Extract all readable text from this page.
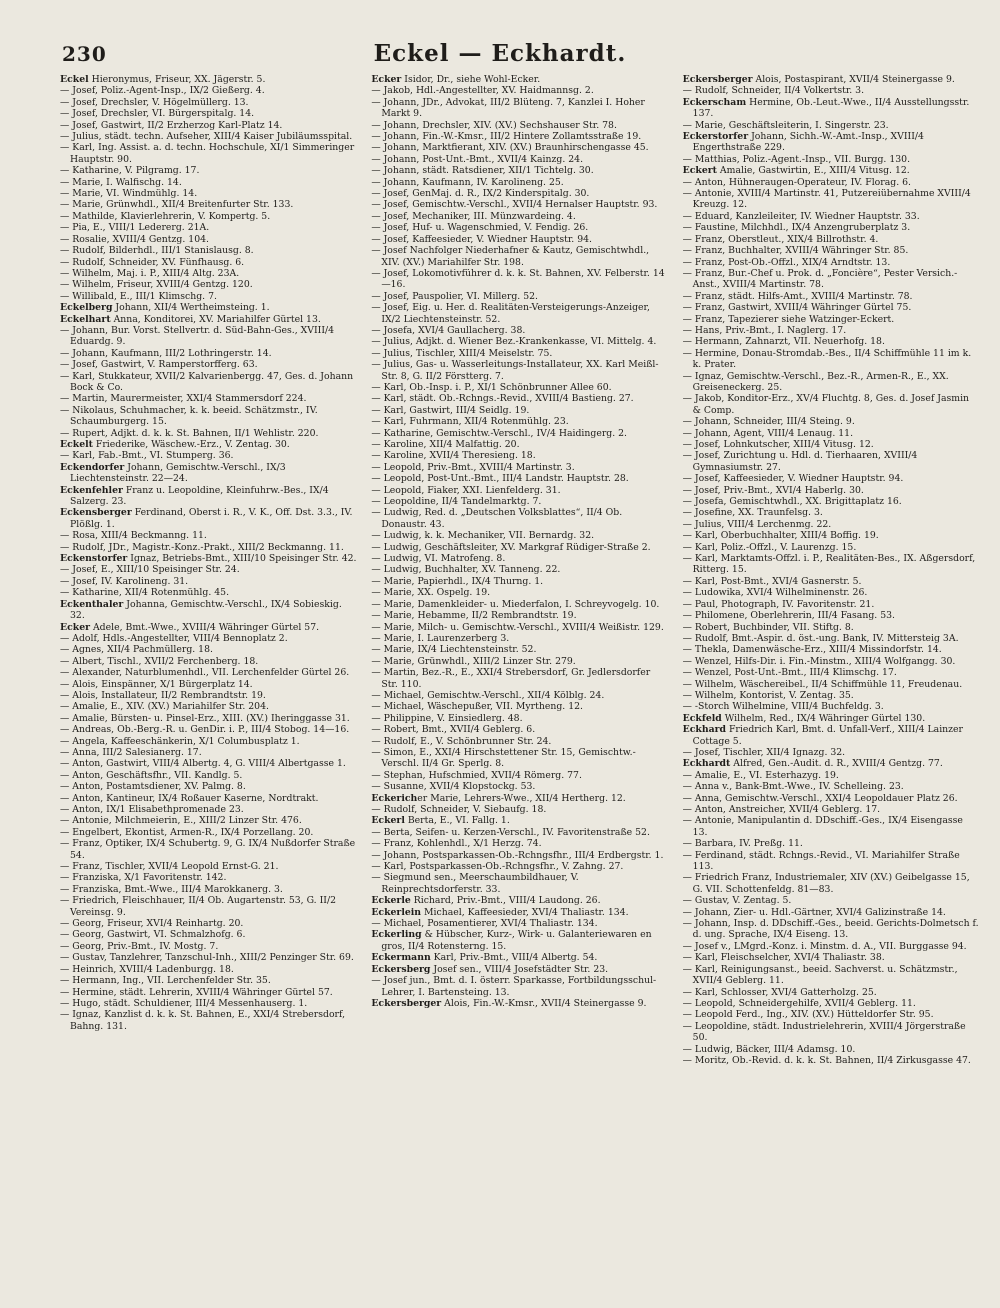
230	Eckel — Eckhardt.

Eckel Hieronymus, Friseur, XX. Jägerstr. 5.

— Josef, Poliz.-Agent-Insp., IX/2 Gießerg. 4.

— Josef, Drechsler, V. Högelmüllerg. 13.

— Josef, Drechsler, VI. Bürgerspitalg. 14.

— Josef, Gastwirt, II/2 Erzherzog Karl-Platz 14.

— Julius, städt. techn. Aufseher, XIII/4 Kaiser Jubiläumsspital.

— Karl, Ing. Assist. a. d. techn. Hochschule, XI/1 Simmeringer Hauptstr. 90.

— Katharine, V. Pilgramg. 17.

— Marie, I. Walfischg. 14.

— Marie, VI. Windmühlg. 14.

— Marie, Grünwhdl., XII/4 Breitenfurter Str. 133.

— Mathilde, Klavierlehrerin, V. Kompertg. 5.

— Pia, E., VIII/1 Ledererg. 21A.

— Rosalie, XVIII/4 Gentzg. 104.

— Rudolf, Bilderhdl., III/1 Stanislausg. 8.

— Rudolf, Schneider, XV. Fünfhausg. 6.

— Wilhelm, Maj. i. P., XIII/4 Altg. 23A.

— Wilhelm, Friseur, XVIII/4 Gentzg. 120.

— Willibald, E., III/1 Klimschg. 7.

Eckelberg Johann, XII/4 Wertheimsteing. 1.

Eckelhart Anna, Konditorei, XV. Mariahilfer Gürtel 13.

— Johann, Bur. Vorst. Stellvertr. d. Süd-Bahn-Ges., XVIII/4 Eduardg. 9.

— Johann, Kaufmann, III/2 Lothringerstr. 14.

— Josef, Gastwirt, V. Ramperstorfferg. 63.

— Karl, Stukkateur, XVII/2 Kalvarienbergg. 47, Ges. d. Johann Bock & Co.

— Martin, Maurermeister, XXI/4 Stammersdorf 224.

— Nikolaus, Schuhmacher, k. k. beeid. Schätzmstr., IV. Schaumburgerg. 15.

— Rupert, Adjkt. d. k. k. St. Bahnen, II/1 Wehlistr. 220.

Eckelt Friederike, Wäschew.-Erz., V. Zentag. 30.

— Karl, Fab.-Bmt., VI. Stumperg. 36.

Eckendorfer Johann, Gemischtw.-Verschl., IX/3 Liechtensteinstr. 22—24.

Eckenfehler Franz u. Leopoldine, Kleinfuhrw.-Bes., IX/4 Salzerg. 23.

Eckensberger Ferdinand, Oberst i. R., V. K., Off. Dst. 3.3., IV. Plößlg. 1.

— Rosa, XIII/4 Beckmanng. 11.

— Rudolf, JDr., Magistr.-Konz.-Prakt., XIII/2 Beckmanng. 11.

Eckenstorfer Ignaz, Betriebs-Bmt., XIII/10 Speisinger Str. 42.

— Josef, E., XIII/10 Speisinger Str. 24.

— Josef, IV. Karolineng. 31.

— Katharine, XII/4 Rotenmühlg. 45.

Eckenthaler Johanna, Gemischtw.-Verschl., IX/4 Sobieskig. 32.

Ecker Adele, Bmt.-Wwe., XVIII/4 Währinger Gürtel 57.

— Adolf, Hdls.-Angestellter, VIII/4 Bennoplatz 2.

— Agnes, XII/4 Pachmüllerg. 18.

— Albert, Tischl., XVII/2 Ferchenberg. 18.

— Alexander, Naturblumenhdl., VII. Lerchenfelder Gürtel 26.

— Alois, Einspänner, X/1 Bürgerplatz 14.

— Alois, Installateur, II/2 Rembrandtstr. 19.

— Amalie, E., XIV. (XV.) Mariahilfer Str. 204.

— Amalie, Bürsten- u. Pinsel-Erz., XIII. (XV.) Iheringgasse 31.

— Andreas, Ob.-Berg.-R. u. GenDir. i. P., III/4 Stobog. 14—16.

— Angela, Kaffeeschänkerin, X/1 Columbusplatz 1.

— Anna, III/2 Salesianerg. 17.

— Anton, Gastwirt, VIII/4 Albertg. 4, G. VIII/4 Albertgasse 1.

— Anton, Geschäftsfhr., VII. Kandlg. 5.

— Anton, Postamtsdiener, XV. Palmg. 8.

— Anton, Kantineur, IX/4 Roßauer Kaserne, Nordtrakt.

— Anton, IX/1 Elisabethpromenade 23.

— Antonie, Milchmeierin, E., XIII/2 Linzer Str. 476.

— Engelbert, Ekontist, Armen-R., IX/4 Porzellang. 20.

— Franz, Optiker, IX/4 Schubertg. 9, G. IX/4 Nußdorfer Straße 54.

— Franz, Tischler, XVII/4 Leopold Ernst-G. 21.

— Franziska, X/1 Favoritenstr. 142.

— Franziska, Bmt.-Wwe., III/4 Marokkanerg. 3.

— Friedrich, Fleischhauer, II/4 Ob. Augartenstr. 53, G. II/2 Vereinsg. 9.

— Georg, Friseur, XVI/4 Reinhartg. 20.

— Georg, Gastwirt, VI. Schmalzhofg. 6.

— Georg, Priv.-Bmt., IV. Mostg. 7.

— Gustav, Tanzlehrer, Tanzschul-Inh., XIII/2 Penzinger Str. 69.

— Heinrich, XVIII/4 Ladenburgg. 18.

— Hermann, Ing., VII. Lerchenfelder Str. 35.

— Hermine, städt. Lehrerin, XVIII/4 Währinger Gürtel 57.

— Hugo, städt. Schuldiener, III/4 Messenhauserg. 1.

— Ignaz, Kanzlist d. k. k. St. Bahnen, E., XXI/4 Strebersdorf, Bahng. 131.

Ecker Isidor, Dr., siehe Wohl-Ecker.

— Jakob, Hdl.-Angestellter, XV. Haidmannsg. 2.

— Johann, JDr., Advokat, III/2 Blüteng. 7, Kanzlei I. Hoher Markt 9.

— Johann, Drechsler, XIV. (XV.) Sechshauser Str. 78.

— Johann, Fin.-W.-Kmsr., III/2 Hintere Zollamtsstraße 19.

— Johann, Marktfierant, XIV. (XV.) Braunhirschengasse 45.

— Johann, Post-Unt.-Bmt., XVII/4 Kainzg. 24.

— Johann, städt. Ratsdiener, XII/1 Tichtelg. 30.

— Johann, Kaufmann, IV. Karolineng. 25.

— Josef, GenMaj. d. R., IX/2 Kinderspitalg. 30.

— Josef, Gemischtw.-Verschl., XVII/4 Hernalser Hauptstr. 93.

— Josef, Mechaniker, III. Münzwardeing. 4.

— Josef, Huf- u. Wagenschmied, V. Fendig. 26.

— Josef, Kaffeesieder, V. Wiedner Hauptstr. 94.

— Josef Nachfolger Niederhafner & Kautz, Gemischtwhdl., XIV. (XV.) Mariahilfer Str. 198.

— Josef, Lokomotivführer d. k. k. St. Bahnen, XV. Felberstr. 14—16.

— Josef, Pauspolier, VI. Millerg. 52.

— Josef, Eig. u. Her. d. Realitäten-Versteigerungs-Anzeiger, IX/2 Liechtensteinstr. 52.

— Josefa, XVI/4 Gaullacherg. 38.

— Julius, Adjkt. d. Wiener Bez.-Krankenkasse, VI. Mittelg. 4.

— Julius, Tischler, XIII/4 Meiselstr. 75.

— Julius, Gas- u. Wasserleitungs-Installateur, XX. Karl Meißl-Str. 8, G. II/2 Förstterg. 7.

— Karl, Ob.-Insp. i. P., XI/1 Schönbrunner Allee 60.

— Karl, städt. Ob.-Rchngs.-Revid., XVIII/4 Bastieng. 27.

— Karl, Gastwirt, III/4 Seidlg. 19.

— Karl, Fuhrmann, XII/4 Rotenmühlg. 23.

— Katharine, Gemischtw.-Verschl., IV/4 Haidingerg. 2.

— Karoline, XII/4 Malfattig. 20.

— Karoline, XVII/4 Theresieng. 18.

— Leopold, Priv.-Bmt., XVIII/4 Martinstr. 3.

— Leopold, Post-Unt.-Bmt., III/4 Landstr. Hauptstr. 28.

— Leopold, Fiaker, XXI. Lienfelderg. 31.

— Leopoldine, II/4 Tandelmarktg. 7.

— Ludwig, Red. d. „Deutschen Volksblattes“, II/4 Ob. Donaustr. 43.

— Ludwig, k. k. Mechaniker, VII. Bernardg. 32.

— Ludwig, Geschäftsleiter, XV. Markgraf Rüdiger-Straße 2.

— Ludwig, VI. Matrofeng. 8.

— Ludwig, Buchhalter, XV. Tanneng. 22.

— Marie, Papierhdl., IX/4 Thurng. 1.

— Marie, XX. Ospelg. 19.

— Marie, Damenkleider- u. Miederfalon, I. Schreyvogelg. 10.

— Marie, Hebamme, II/2 Rembrandtstr. 19.

— Marie, Milch- u. Gemischtw.-Verschl., XVIII/4 Weißistr. 129.

— Marie, I. Laurenzerberg 3.

— Marie, IX/4 Liechtensteinstr. 52.

— Marie, Grünwhdl., XIII/2 Linzer Str. 279.

— Martin, Bez.-R., E., XXI/4 Strebersdorf, Gr. Jedlersdorfer Str. 110.

— Michael, Gemischtw.-Verschl., XII/4 Kölblg. 24.

— Michael, Wäschepußer, VII. Myrtheng. 12.

— Philippine, V. Einsiedlerg. 48.

— Robert, Bmt., XVII/4 Geblerg. 6.

— Rudolf, E., V. Schönbrunner Str. 24.

— Simon, E., XXI/4 Hirschstettener Str. 15, Gemischtw.-Verschl. II/4 Gr. Sperlg. 8.

— Stephan, Hufschmied, XVII/4 Römerg. 77.

— Susanne, XVII/4 Klopstockg. 53.

Eckericher Marie, Lehrers-Wwe., XII/4 Hertherg. 12.

— Rudolf, Schneider, V. Siebaufg. 18.

Eckerl Berta, E., VI. Fallg. 1.

— Berta, Seifen- u. Kerzen-Verschl., IV. Favoritenstraße 52.

— Franz, Kohlenhdl., X/1 Herzg. 74.

— Johann, Postsparkassen-Ob.-Rchngsfhr., III/4 Erdbergstr. 1.

— Karl, Postsparkassen-Ob.-Rchngsfhr., V. Zahng. 27.

— Siegmund sen., Meerschaumbildhauer, V. Reinprechtsdorferstr. 33.

Eckerle Richard, Priv.-Bmt., VIII/4 Laudong. 26.

Eckerlein Michael, Kaffeesieder, XVI/4 Thaliastr. 134.

— Michael, Posamentierer, XVI/4 Thaliastr. 134.

Eckerling & Hübscher, Kurz-, Wirk- u. Galanteriewaren en gros, II/4 Rotensterng. 15.

Eckermann Karl, Priv.-Bmt., VIII/4 Albertg. 54.

Eckersberg Josef sen., VIII/4 Josefstädter Str. 23.

— Josef jun., Bmt. d. I. österr. Sparkasse, Fortbildungsschul-Lehrer, I. Bartensteing. 13.

Eckersberger Alois, Fin.-W.-Kmsr., XVII/4 Steinergasse 9.

Eckersberger Alois, Postaspirant, XVII/4 Steinergasse 9.

— Rudolf, Schneider, II/4 Volkertstr. 3.

Eckerscham Hermine, Ob.-Leut.-Wwe., II/4 Ausstellungsstr. 137.

— Marie, Geschäftsleiterin, I. Singerstr. 23.

Eckerstorfer Johann, Sichh.-W.-Amt.-Insp., XVIII/4 Engerthstraße 229.

— Matthias, Poliz.-Agent.-Insp., VII. Burgg. 130.

Eckert Amalie, Gastwirtin, E., XIII/4 Vitusg. 12.

— Anton, Hühneraugen-Operateur, IV. Florag. 6.

— Antonie, XVIII/4 Martinstr. 41, Putzereiübernahme XVIII/4 Kreuzg. 12.

— Eduard, Kanzleileiter, IV. Wiedner Hauptstr. 33.

— Faustine, Milchhdl., IX/4 Anzengruberplatz 3.

— Franz, Oberstleut., XIX/4 Billrothstr. 4.

— Franz, Buchhalter, XVIII/4 Währinger Str. 85.

— Franz, Post-Ob.-Offzl., XIX/4 Arndtstr. 13.

— Franz, Bur.-Chef u. Prok. d. „Foncière“, Pester Versich.-Anst., XVIII/4 Martinstr. 78.

— Franz, städt. Hilfs-Amt., XVIII/4 Martinstr. 78.

— Franz, Gastwirt, XVIII/4 Währinger Gürtel 75.

— Franz, Tapezierer siehe Watzinger-Eckert.

— Hans, Priv.-Bmt., I. Naglerg. 17.

— Hermann, Zahnarzt, VII. Neuerhofg. 18.

— Hermine, Donau-Stromdab.-Bes., II/4 Schiffmühle 11 im k. k. Prater.

— Ignaz, Gemischtw.-Verschl., Bez.-R., Armen-R., E., XX. Greiseneckerg. 25.

— Jakob, Konditor-Erz., XV/4 Fluchtg. 8, Ges. d. Josef Jasmin & Comp.

— Johann, Schneider, III/4 Steing. 9.

— Johann, Agent, VIII/4 Lenaug. 11.

— Josef, Lohnkutscher, XIII/4 Vitusg. 12.

— Josef, Zurichtung u. Hdl. d. Tierhaaren, XVIII/4 Gymnasiumstr. 27.

— Josef, Kaffeesieder, V. Wiedner Hauptstr. 94.

— Josef, Priv.-Bmt., XVI/4 Haberlg. 30.

— Josefa, Gemischtwhdl., XX. Brigittaplatz 16.

— Josefine, XX. Traunfelsg. 3.

— Julius, VIII/4 Lerchenmg. 22.

— Karl, Oberbuchhalter, XIII/4 Boffig. 19.

— Karl, Poliz.-Offzl., V. Laurenzg. 15.

— Karl, Marktamts-Offzl. i. P., Realitäten-Bes., IX. Aßgersdorf, Ritterg. 15.

— Karl, Post-Bmt., XVI/4 Gasnerstr. 5.

— Ludowika, XVI/4 Wilhelminenstr. 26.

— Paul, Photograph, IV. Favoritenstr. 21.

— Philomene, Oberlehrerin, III/4 Fasang. 53.

— Robert, Buchbinder, VII. Stiftg. 8.

— Rudolf, Bmt.-Aspir. d. öst.-ung. Bank, IV. Mittersteig 3A.

— Thekla, Damenwäsche-Erz., XIII/4 Missindorfstr. 14.

— Wenzel, Hilfs-Dir. i. Fin.-Minstm., XIII/4 Wolfgangg. 30.

— Wenzel, Post-Unt.-Bmt., III/4 Klimschg. 17.

— Wilhelm, Wäschereibel., II/4 Schiffmühle 11, Freudenau.

— Wilhelm, Kontorist, V. Zentag. 35.

— -Storch Wilhelmine, VIII/4 Buchfeldg. 3.

Eckfeld Wilhelm, Red., IX/4 Währinger Gürtel 130.

Eckhard Friedrich Karl, Bmt. d. Unfall-Verf., XIII/4 Lainzer Cottage 5.

— Josef, Tischler, XII/4 Ignazg. 32.

Eckhardt Alfred, Gen.-Audit. d. R., XVIII/4 Gentzg. 77.

— Amalie, E., VI. Esterhazyg. 19.

— Anna v., Bank-Bmt.-Wwe., IV. Schelleing. 23.

— Anna, Gemischtw.-Verschl., XXI/4 Leopoldauer Platz 26.

— Anton, Anstreicher, XVII/4 Geblerg. 17.

— Antonie, Manipulantin d. DDschiff.-Ges., IX/4 Eisengasse 13.

— Barbara, IV. Preßg. 11.

— Ferdinand, städt. Rchngs.-Revid., VI. Mariahilfer Straße 113.

— Friedrich Franz, Industriemaler, XIV (XV.) Geibelgasse 15, G. VII. Schottenfeldg. 81—83.

— Gustav, V. Zentag. 5.

— Johann, Zier- u. Hdl.-Gärtner, XVI/4 Galizinstraße 14.

— Johann, Insp. d. DDschiff.-Ges., beeid. Gerichts-Dolmetsch f. d. ung. Sprache, IX/4 Eiseng. 13.

— Josef v., LMgrd.-Konz. i. Minstm. d. A., VII. Burggasse 94.

— Karl, Fleischselcher, XVI/4 Thaliastr. 38.

— Karl, Reinigungsanst., beeid. Sachverst. u. Schätzmstr., XVII/4 Geblerg. 11.

— Karl, Schlosser, XVI/4 Gatterholzg. 25.

— Leopold, Schneidergehilfe, XVII/4 Geblerg. 11.

— Leopold Ferd., Ing., XIV. (XV.) Hütteldorfer Str. 95.

— Leopoldine, städt. Industrielehrerin, XVIII/4 Jörgerstraße 50.

— Ludwig, Bäcker, III/4 Adamsg. 10.

— Moritz, Ob.-Revid. d. k. k. St. Bahnen, II/4 Zirkusgasse 47.
